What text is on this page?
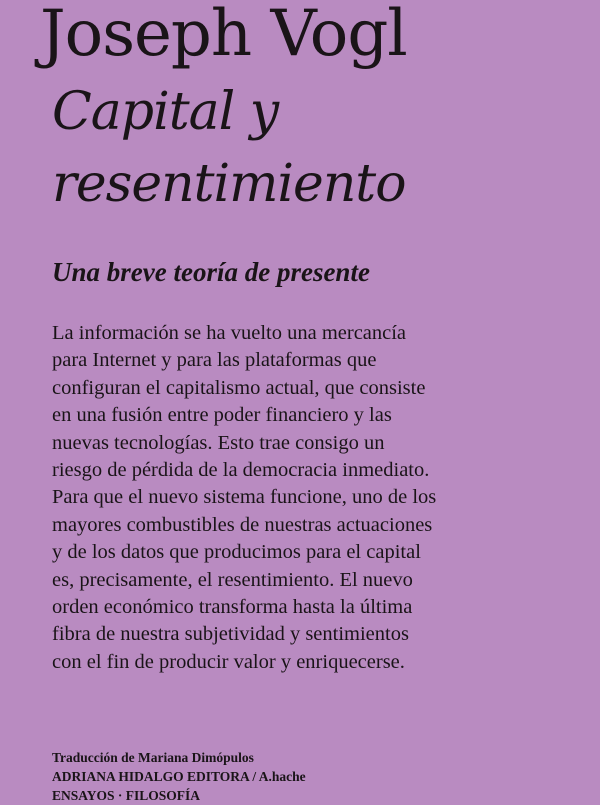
Joseph Vogl
Capital y
resentimiento
Una breve teoría de presente
La información se ha vuelto una mercancía
para Internet y para las plataformas que
configuran el capitalismo actual, que consiste
en una fusión entre poder financiero y las
nuevas tecnologías. Esto trae consigo un
riesgo de pérdida de la democracia inmediato.
Para que el nuevo sistema funcione, uno de los
mayores combustibles de nuestras actuaciones
y de los datos que producimos para el capital
es, precisamente, el resentimiento. El nuevo
orden económico transforma hasta la última
fibra de nuestra subjetividad y sentimientos
con el fin de producir valor y enriquecerse.
Traducción de Mariana Dimópulos
ADRIANA HIDALGO EDITORA / A.hache
ENSAYOS · FILOSOFÍA
